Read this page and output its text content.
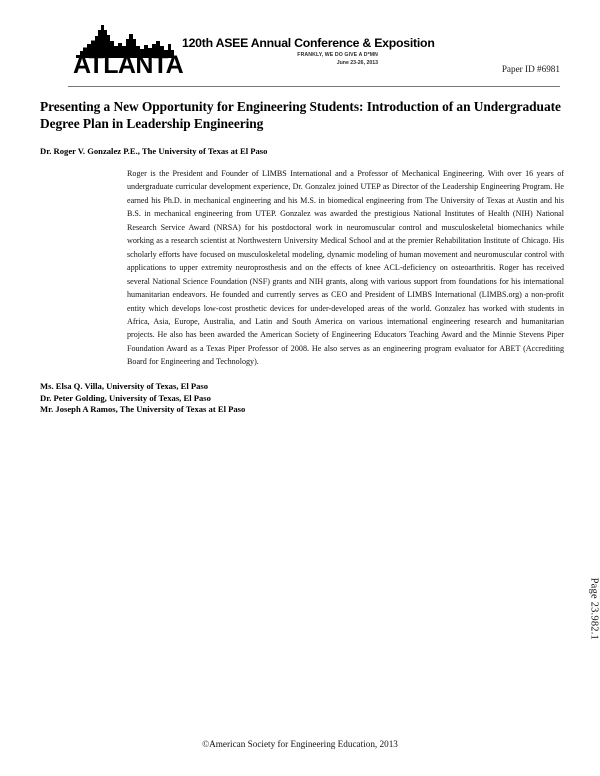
ATLANTA
120th ASEE Annual Conference & Exposition
FRANKLY, WE DO GIVE A D*MN
June 23-26, 2013
Paper ID #6981
Presenting a New Opportunity for Engineering Students: Introduction of an Undergraduate Degree Plan in Leadership Engineering
Dr. Roger V. Gonzalez P.E., The University of Texas at El Paso
Roger is the President and Founder of LIMBS International and a Professor of Mechanical Engineering. With over 16 years of undergraduate curricular development experience, Dr. Gonzalez joined UTEP as Director of the Leadership Engineering Program. He earned his Ph.D. in mechanical engineering and his M.S. in biomedical engineering from The University of Texas at Austin and his B.S. in mechanical engineering from UTEP. Gonzalez was awarded the prestigious National Institutes of Health (NIH) National Research Service Award (NRSA) for his postdoctoral work in neuromuscular control and musculoskeletal biomechanics while working as a research scientist at Northwestern University Medical School and at the premier Rehabilitation Institute of Chicago. His scholarly efforts have focused on musculoskeletal modeling, dynamic modeling of human movement and neuromuscular control with applications to upper extremity neuroprosthesis and on the effects of knee ACL-deficiency on osteoarthritis. Roger has received several National Science Foundation (NSF) grants and NIH grants, along with various support from foundations for his international humanitarian endeavors. He founded and currently serves as CEO and President of LIMBS International (LIMBS.org) a non-profit entity which develops low-cost prosthetic devices for under-developed areas of the world. Gonzalez has worked with students in Africa, Asia, Europe, Australia, and Latin and South America on various international engineering research and humanitarian projects. He also has been awarded the American Society of Engineering Educators Teaching Award and the Minnie Stevens Piper Foundation Award as a Texas Piper Professor of 2008. He also serves as an engineering program evaluator for ABET (Accrediting Board for Engineering and Technology).
Ms. Elsa Q. Villa, University of Texas, El Paso
Dr. Peter Golding, University of Texas, El Paso
Mr. Joseph A Ramos, The University of Texas at El Paso
Page 23.982.1
©American Society for Engineering Education, 2013
